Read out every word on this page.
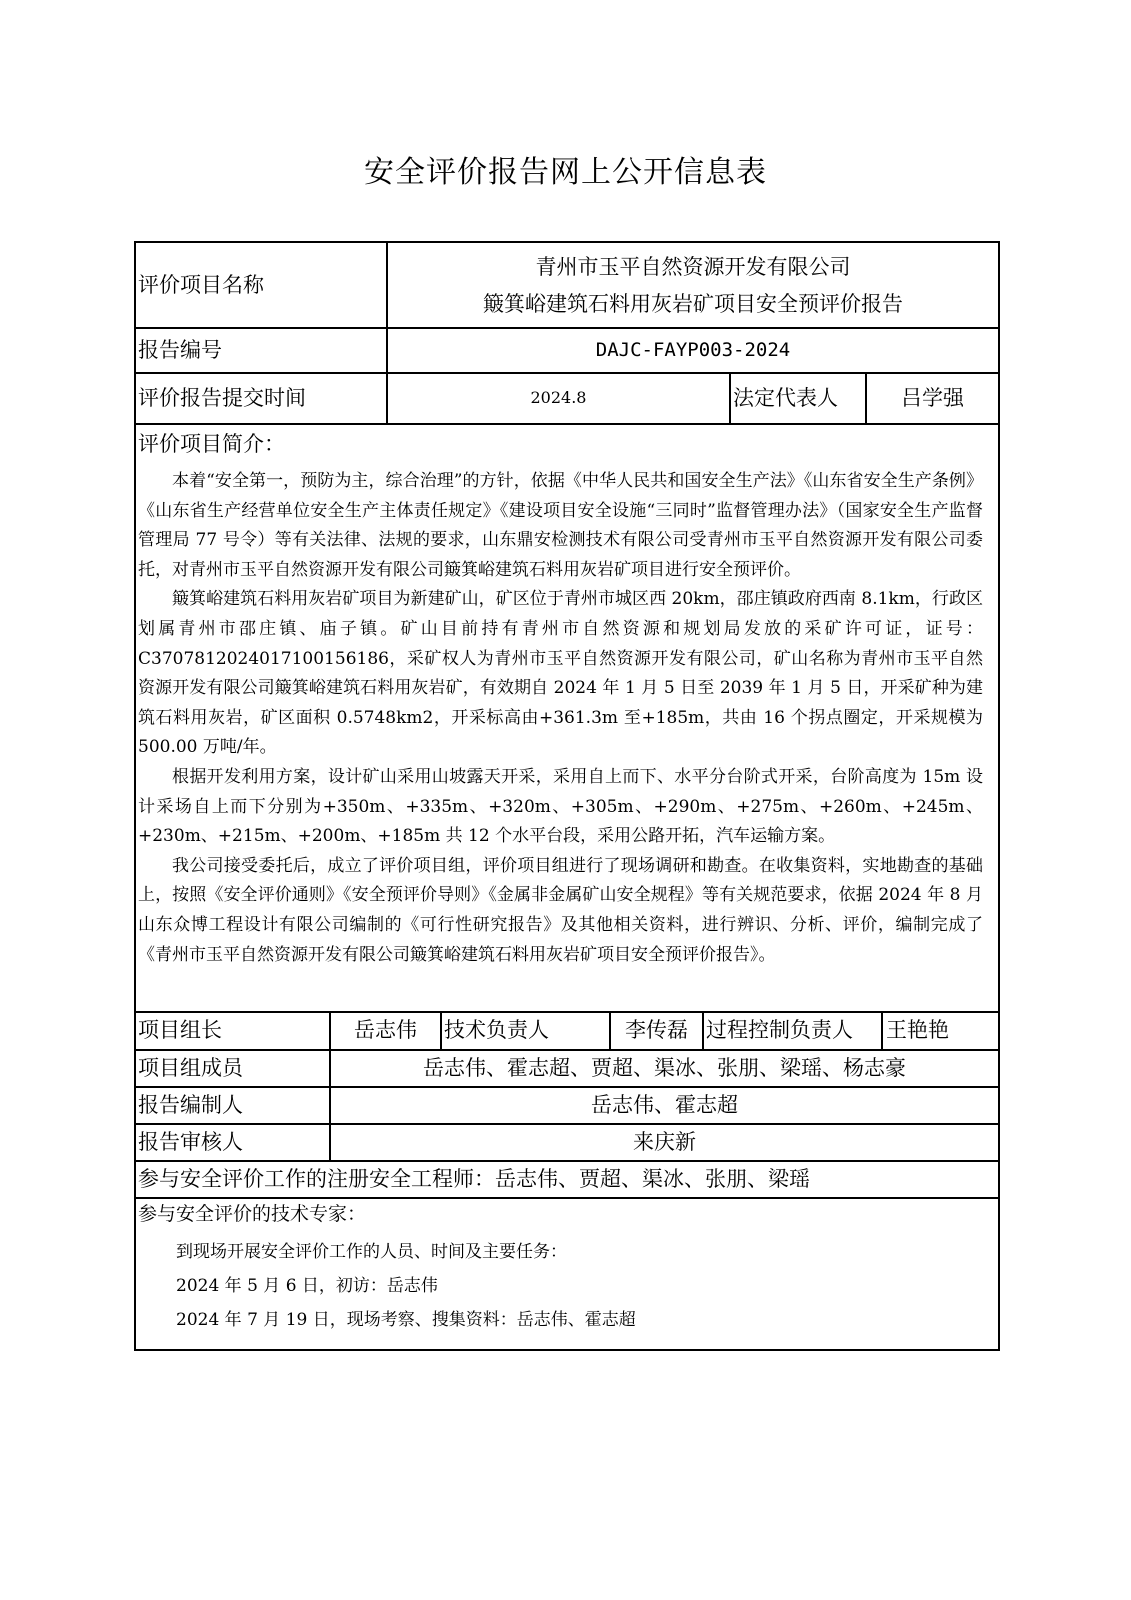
安全评价报告网上公开信息表
评价项目名称
青州市玉平自然资源开发有限公司
簸箕峪建筑石料用灰岩矿项目安全预评价报告
报告编号	DAJC-FAYP003-2024
评价报告提交时间	2024.8	法定代表人	吕学强
评价项目简介：

本着“安全第一，预防为主，综合治理”的方针，依据《中华人民共和国安全生产法》《山东省安全生产条例》《山东省生产经营单位安全生产主体责任规定》《建设项目安全设施“三同时”监督管理办法》（国家安全生产监督管理局 77 号令）等有关法律、法规的要求，山东鼎安检测技术有限公司受青州市玉平自然资源开发有限公司委托，对青州市玉平自然资源开发有限公司簸箕峪建筑石料用灰岩矿项目进行安全预评价。

簸箕峪建筑石料用灰岩矿项目为新建矿山，矿区位于青州市城区西 20km，邵庄镇政府西南 8.1km，行政区划属青州市邵庄镇、庙子镇。矿山目前持有青州市自然资源和规划局发放的采矿许可证，证号：C3707812024017100156186，采矿权人为青州市玉平自然资源开发有限公司，矿山名称为青州市玉平自然资源开发有限公司簸箕峪建筑石料用灰岩矿，有效期自 2024 年 1 月 5 日至 2039 年 1 月 5 日，开采矿种为建筑石料用灰岩，矿区面积 0.5748km2，开采标高由+361.3m 至+185m，共由 16 个拐点圈定，开采规模为 500.00 万吨/年。

根据开发利用方案，设计矿山采用山坡露天开采，采用自上而下、水平分台阶式开采，台阶高度为 15m 设计采场自上而下分别为+350m、+335m、+320m、+305m、+290m、+275m、+260m、+245m、+230m、+215m、+200m、+185m 共 12 个水平台段，采用公路开拓，汽车运输方案。

我公司接受委托后，成立了评价项目组，评价项目组进行了现场调研和勘查。在收集资料，实地勘查的基础上，按照《安全评价通则》《安全预评价导则》《金属非金属矿山安全规程》等有关规范要求，依据 2024 年 8 月山东众博工程设计有限公司编制的《可行性研究报告》及其他相关资料，进行辨识、分析、评价，编制完成了《青州市玉平自然资源开发有限公司簸箕峪建筑石料用灰岩矿项目安全预评价报告》。

项目组长	岳志伟	技术负责人	李传磊 过程控制负责人 王艳艳
项目组成员	岳志伟、霍志超、贾超、渠冰、张朋、梁瑶、杨志豪
报告编制人	岳志伟、霍志超
报告审核人	来庆新
参与安全评价工作的注册安全工程师：岳志伟、贾超、渠冰、张朋、梁瑶
参与安全评价的技术专家：
到现场开展安全评价工作的人员、时间及主要任务：
2024 年 5 月 6 日，初访：岳志伟
2024 年 7 月 19 日，现场考察、搜集资料：岳志伟、霍志超
